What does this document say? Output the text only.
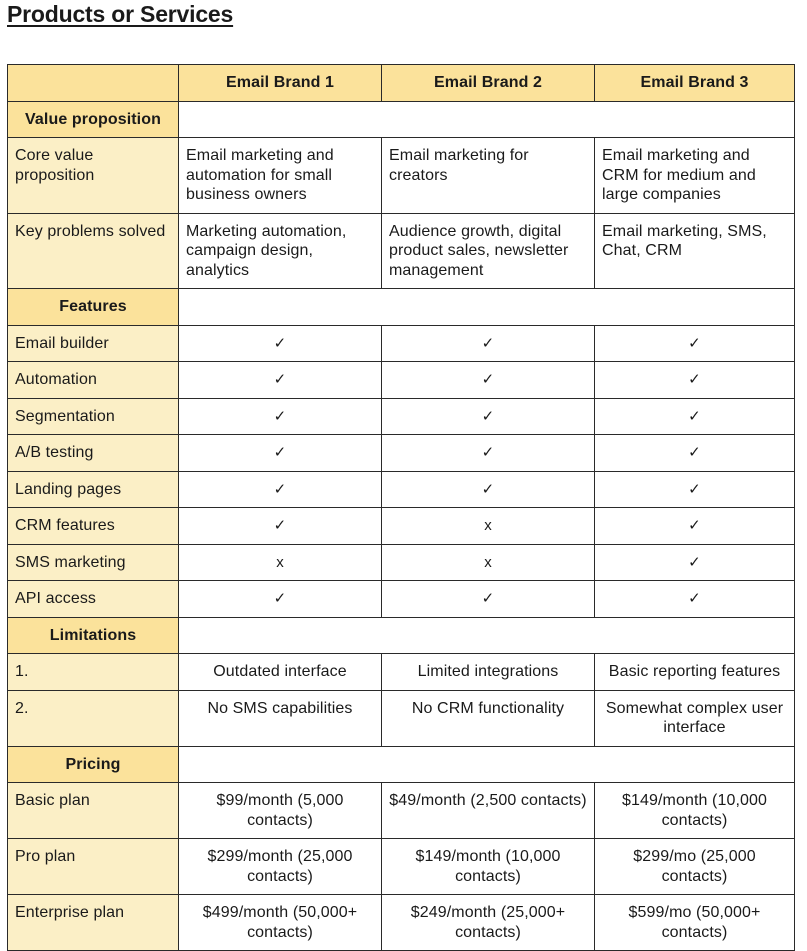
Products or Services
	Email Brand 1	Email Brand 2	Email Brand 3
Value proposition			
Core value proposition	Email marketing and automation for small business owners	Email marketing for creators	Email marketing and CRM for medium and large companies
Key problems solved	Marketing automation, campaign design, analytics	Audience growth, digital product sales, newsletter management	Email marketing, SMS, Chat, CRM
Features			
Email builder	✓	✓	✓
Automation	✓	✓	✓
Segmentation	✓	✓	✓
A/B testing	✓	✓	✓
Landing pages	✓	✓	✓
CRM features	✓	x	✓
SMS marketing	x	x	✓
API access	✓	✓	✓
Limitations			
1.	Outdated interface	Limited integrations	Basic reporting features
2.	No SMS capabilities	No CRM functionality	Somewhat complex user interface
Pricing			
Basic plan	$99/month (5,000 contacts)	$49/month (2,500 contacts)	$149/month (10,000 contacts)
Pro plan	$299/month (25,000 contacts)	$149/month (10,000 contacts)	$299/mo (25,000 contacts)
Enterprise plan	$499/month (50,000+ contacts)	$249/month (25,000+ contacts)	$599/mo (50,000+ contacts)
